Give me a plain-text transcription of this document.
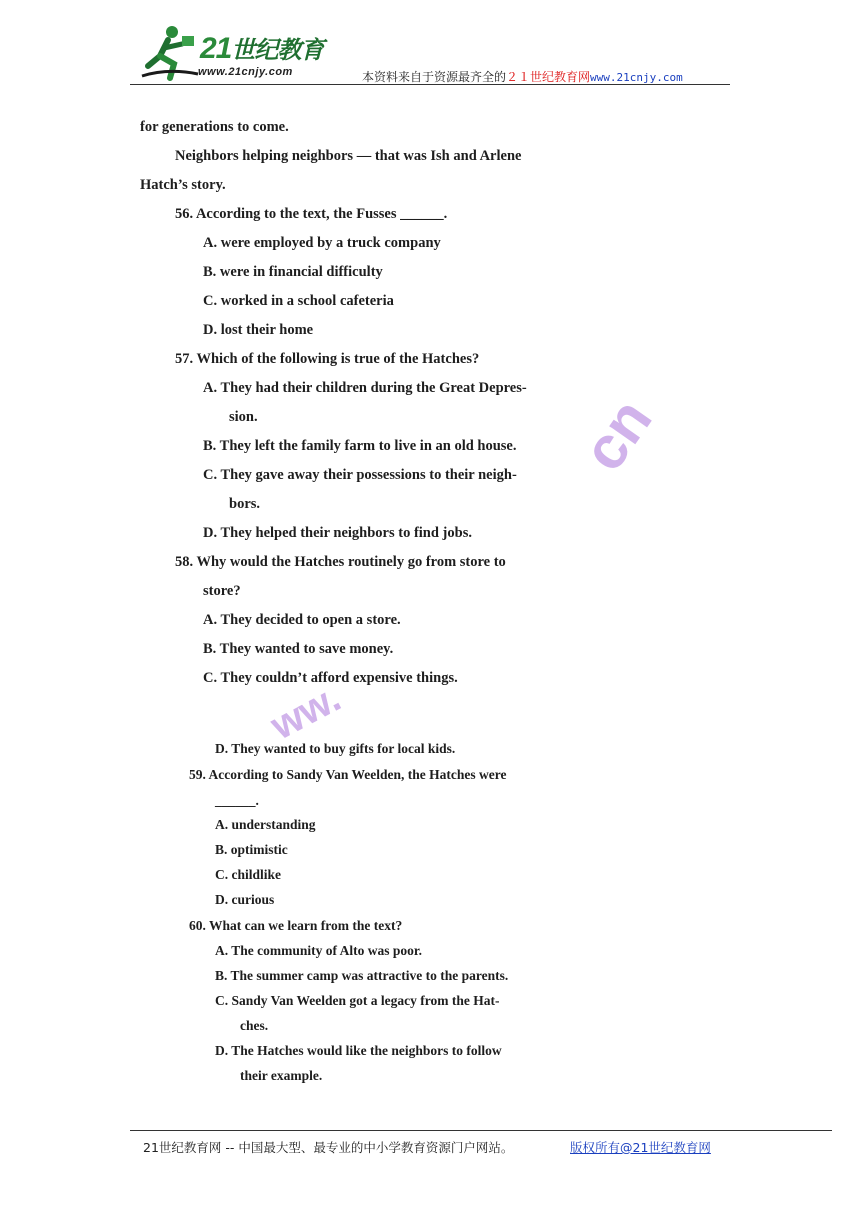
21世纪教育
www.21cnjy.com	本资料来自于资源最齐全的２１世纪教育网www.21cnjy.com
cn
ww.
for generations to come.
Neighbors helping neighbors — that was Ish and Arlene
Hatch’s story.
56. According to the text, the Fusses ______.
A. were employed by a truck company
B. were in financial difficulty
C. worked in a school cafeteria
D. lost their home
57. Which of the following is true of the Hatches?
A. They had their children during the Great Depres-
sion.
B. They left the family farm to live in an old house.
C. They gave away their possessions to their neigh-
bors.
D. They helped their neighbors to find jobs.
58. Why would the Hatches routinely go from store to
store?
A. They decided to open a store.
B. They wanted to save money.
C. They couldn’t afford expensive things.
D. They wanted to buy gifts for local kids.
59. According to Sandy Van Weelden, the Hatches were
______.
A. understanding
B. optimistic
C. childlike
D. curious
60. What can we learn from the text?
A. The community of Alto was poor.
B. The summer camp was attractive to the parents.
C. Sandy Van Weelden got a legacy from the Hat-
ches.
D. The Hatches would like the neighbors to follow
their example.
21世纪教育网 -- 中国最大型、最专业的中小学教育资源门户网站。	版权所有@21世纪教育网
